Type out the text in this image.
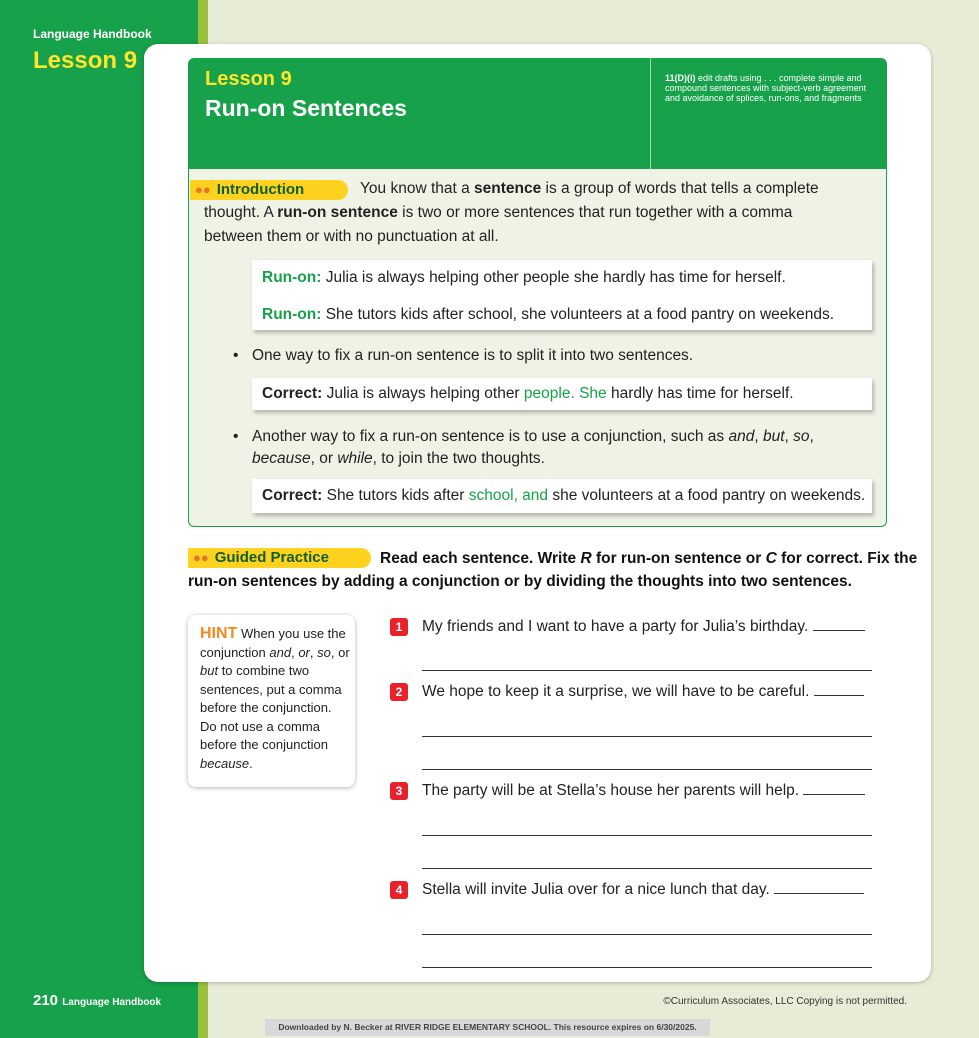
Language Handbook
Lesson 9
Lesson 9
Run-on Sentences
11(D)(i) edit drafts using . . . complete simple and compound sentences with subject-verb agreement and avoidance of splices, run-ons, and fragments
●● Introduction	You know that a sentence is a group of words that tells a complete
thought. A run-on sentence is two or more sentences that run together with a comma
between them or with no punctuation at all.
Run-on: Julia is always helping other people she hardly has time for herself.
Run-on: She tutors kids after school, she volunteers at a food pantry on weekends.
• One way to fix a run-on sentence is to split it into two sentences.
Correct: Julia is always helping other people. She hardly has time for herself.
• Another way to fix a run-on sentence is to use a conjunction, such as and, but, so,
because, or while, to join the two thoughts.
Correct: She tutors kids after school, and she volunteers at a food pantry on weekends.
●● Guided Practice	Read each sentence. Write R for run-on sentence or C for correct. Fix the
run-on sentences by adding a conjunction or by dividing the thoughts into two sentences.
HINT When you use the conjunction and, or, so, or but to combine two sentences, put a comma before the conjunction. Do not use a comma before the conjunction because.
1	My friends and I want to have a party for Julia’s birthday.
2	We hope to keep it a surprise, we will have to be careful.
3	The party will be at Stella’s house her parents will help.
4	Stella will invite Julia over for a nice lunch that day.
210 Language Handbook	©Curriculum Associates, LLC Copying is not permitted.
Downloaded by N. Becker at RIVER RIDGE ELEMENTARY SCHOOL. This resource expires on 6/30/2025.
